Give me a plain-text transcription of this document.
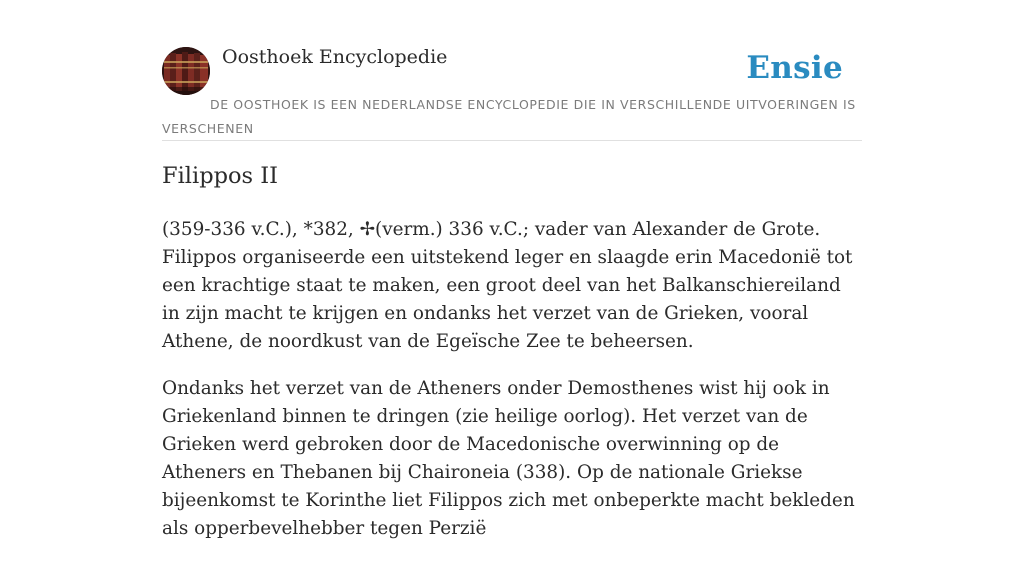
Oosthoek Encyclopedie	Ensie
DE OOSTHOEK IS EEN NEDERLANDSE ENCYCLOPEDIE DIE IN VERSCHILLENDE UITVOERINGEN IS VERSCHENEN
Filippos II

(359-336 v.C.), *382, ✢(verm.) 336 v.C.; vader van Alexander de Grote. Filippos organiseerde een uitstekend leger en slaagde erin Macedonië tot een krachtige staat te maken, een groot deel van het Balkanschiereiland in zijn macht te krijgen en ondanks het verzet van de Grieken, vooral Athene, de noordkust van de Egeïsche Zee te beheersen.

Ondanks het verzet van de Atheners onder Demosthenes wist hij ook in Griekenland binnen te dringen (zie heilige oorlog). Het verzet van de Grieken werd gebroken door de Macedonische overwinning op de Atheners en Thebanen bij Chaironeia (338). Op de nationale Griekse bijeenkomst te Korinthe liet Filippos zich met onbeperkte macht bekleden als opperbevelhebber tegen Perzië
